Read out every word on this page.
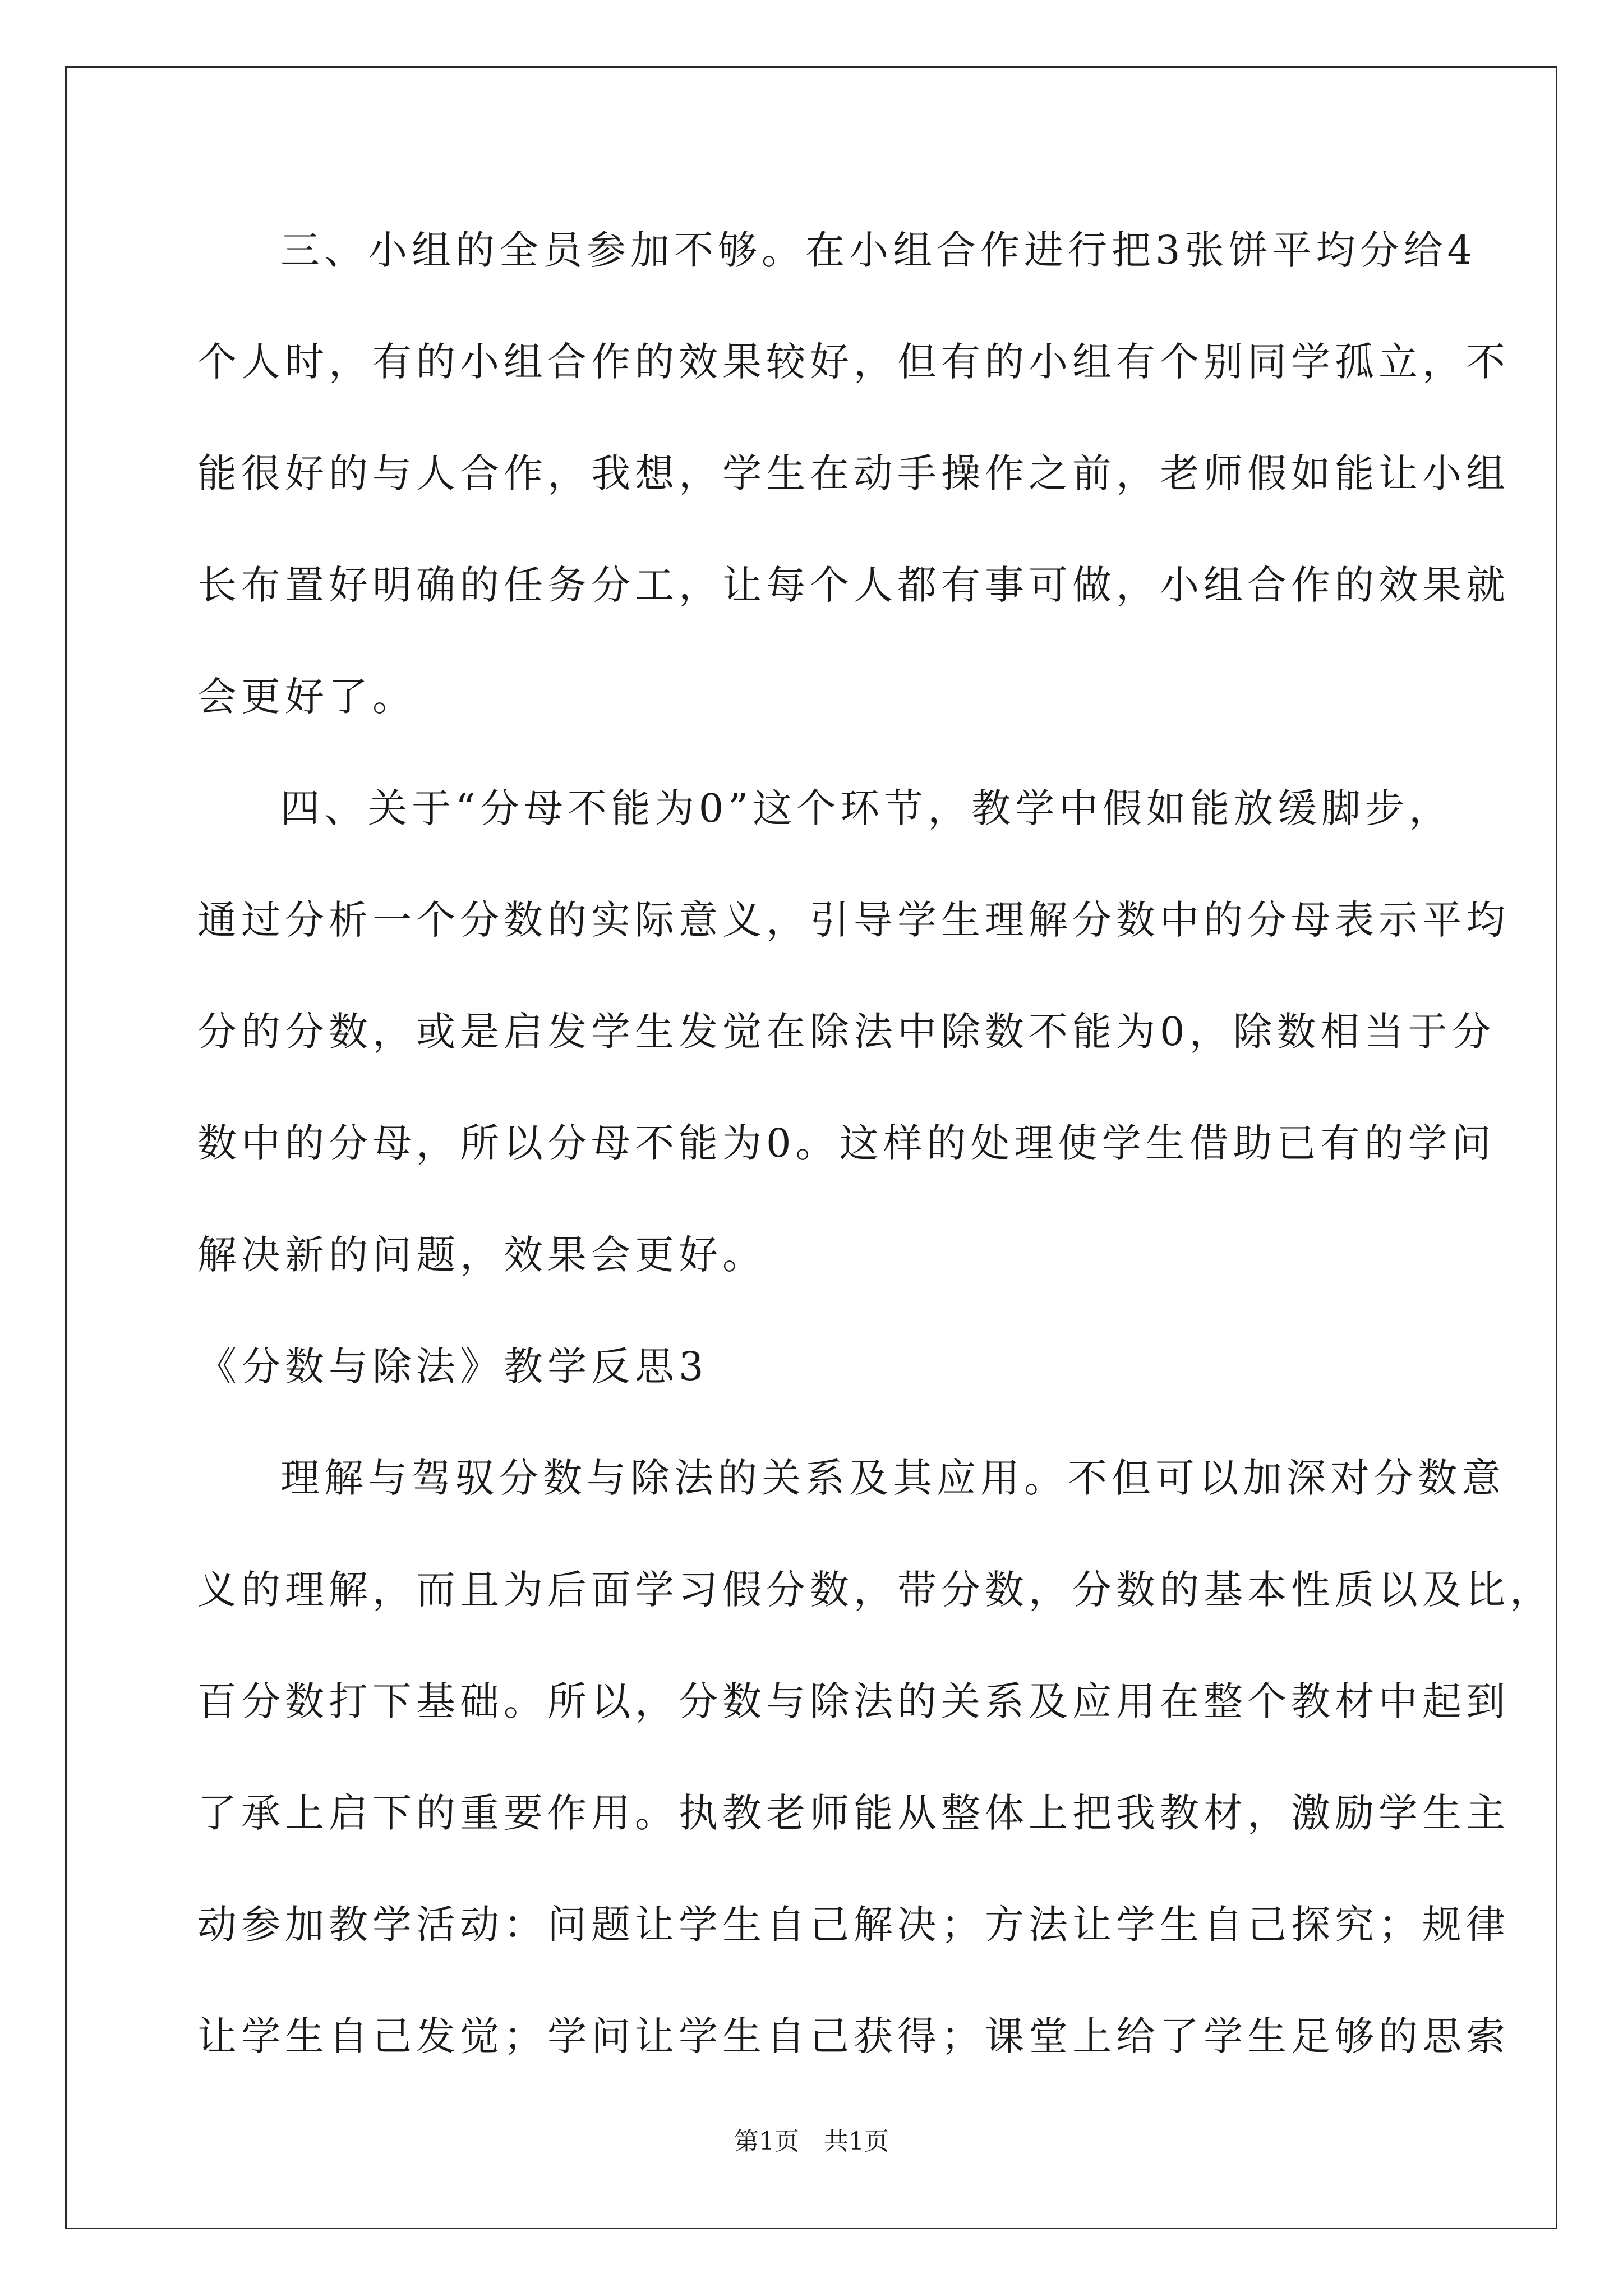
三、小组的全员参加不够。在小组合作进行把3张饼平均分给4
个人时，有的小组合作的效果较好，但有的小组有个别同学孤立，不
能很好的与人合作，我想，学生在动手操作之前，老师假如能让小组
长布置好明确的任务分工，让每个人都有事可做，小组合作的效果就
会更好了。
四、关于“分母不能为0”这个环节，教学中假如能放缓脚步，
通过分析一个分数的实际意义，引导学生理解分数中的分母表示平均
分的分数，或是启发学生发觉在除法中除数不能为0，除数相当于分
数中的分母，所以分母不能为0。这样的处理使学生借助已有的学问
解决新的问题，效果会更好。
《分数与除法》教学反思3
理解与驾驭分数与除法的关系及其应用。不但可以加深对分数意
义的理解，而且为后面学习假分数，带分数，分数的基本性质以及比，
百分数打下基础。所以，分数与除法的关系及应用在整个教材中起到
了承上启下的重要作用。执教老师能从整体上把我教材，激励学生主
动参加教学活动：问题让学生自己解决；方法让学生自己探究；规律
让学生自己发觉；学问让学生自己获得；课堂上给了学生足够的思索
第1页　共1页
